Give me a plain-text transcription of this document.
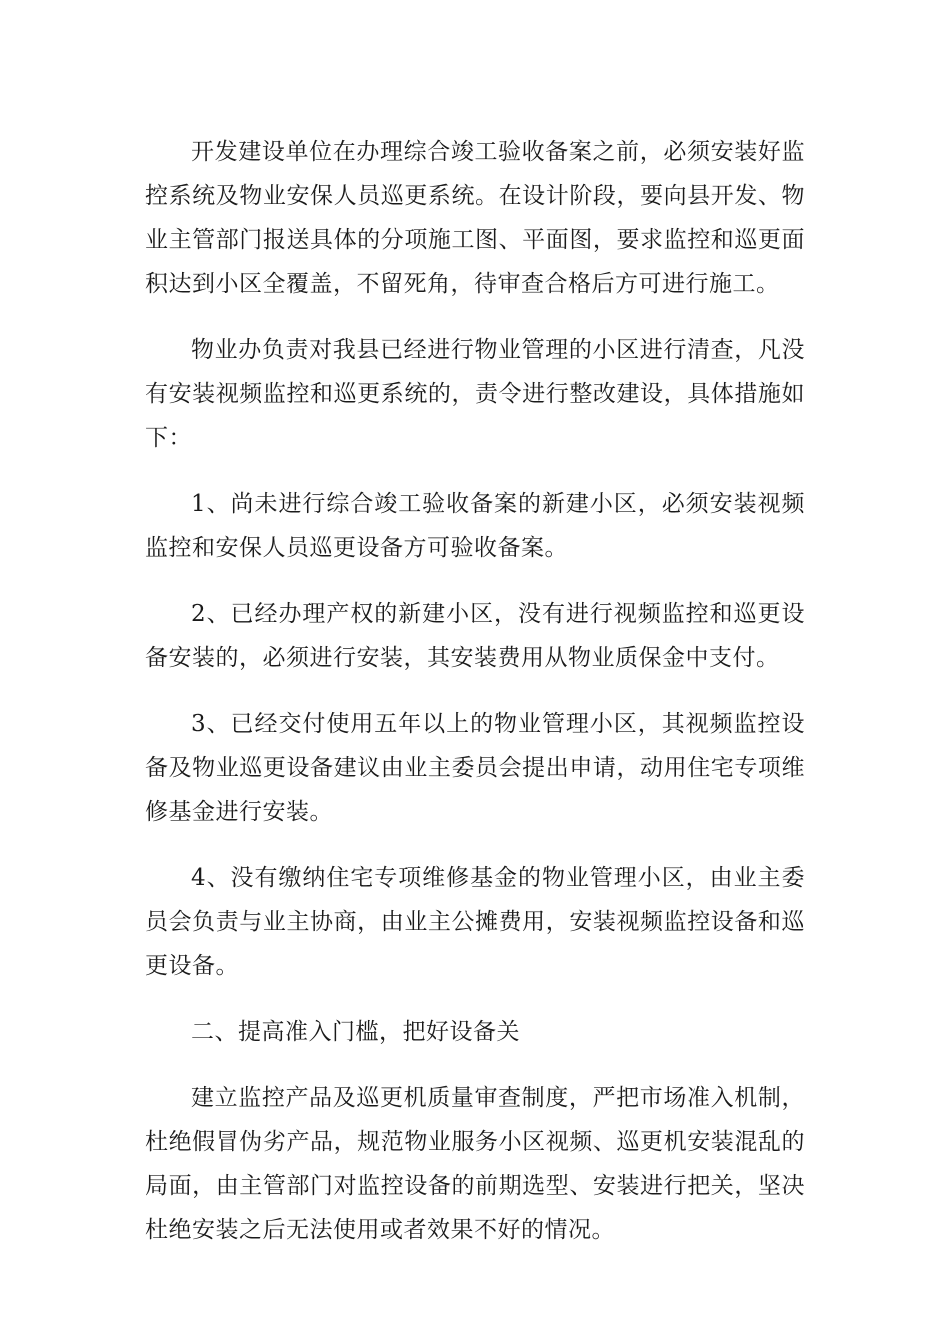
开发建设单位在办理综合竣工验收备案之前，必须安装好监控系统及物业安保人员巡更系统。在设计阶段，要向县开发、物业主管部门报送具体的分项施工图、平面图，要求监控和巡更面积达到小区全覆盖，不留死角，待审查合格后方可进行施工。

物业办负责对我县已经进行物业管理的小区进行清查，凡没有安装视频监控和巡更系统的，责令进行整改建设，具体措施如下：

1、尚未进行综合竣工验收备案的新建小区，必须安装视频监控和安保人员巡更设备方可验收备案。

2、已经办理产权的新建小区，没有进行视频监控和巡更设备安装的，必须进行安装，其安装费用从物业质保金中支付。

3、已经交付使用五年以上的物业管理小区，其视频监控设备及物业巡更设备建议由业主委员会提出申请，动用住宅专项维修基金进行安装。

4、没有缴纳住宅专项维修基金的物业管理小区，由业主委员会负责与业主协商，由业主公摊费用，安装视频监控设备和巡更设备。

二、提高准入门槛，把好设备关

建立监控产品及巡更机质量审查制度，严把市场准入机制，杜绝假冒伪劣产品，规范物业服务小区视频、巡更机安装混乱的局面，由主管部门对监控设备的前期选型、安装进行把关，坚决杜绝安装之后无法使用或者效果不好的情况。
